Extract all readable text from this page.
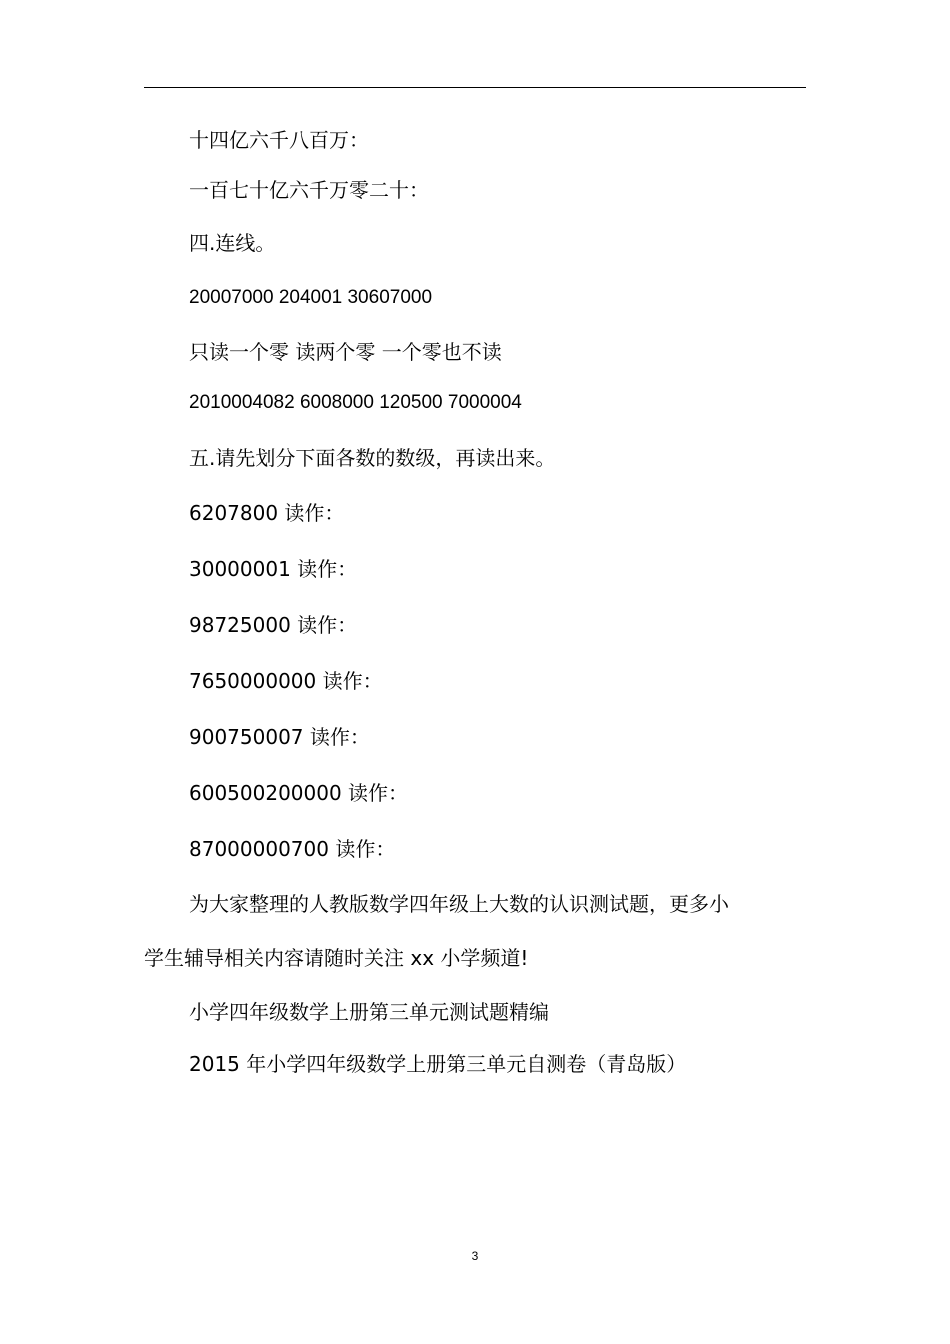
十四亿六千八百万：
一百七十亿六千万零二十：
四.连线。
20007000 204001 30607000
只读一个零 读两个零 一个零也不读
2010004082 6008000 120500 7000004
五.请先划分下面各数的数级，再读出来。
6207800 读作：
30000001 读作：
98725000 读作：
7650000000 读作：
900750007 读作：
600500200000 读作：
87000000700 读作：
为大家整理的人教版数学四年级上大数的认识测试题，更多小
学生辅导相关内容请随时关注 xx 小学频道!
小学四年级数学上册第三单元测试题精编
2015 年小学四年级数学上册第三单元自测卷（青岛版）
3
